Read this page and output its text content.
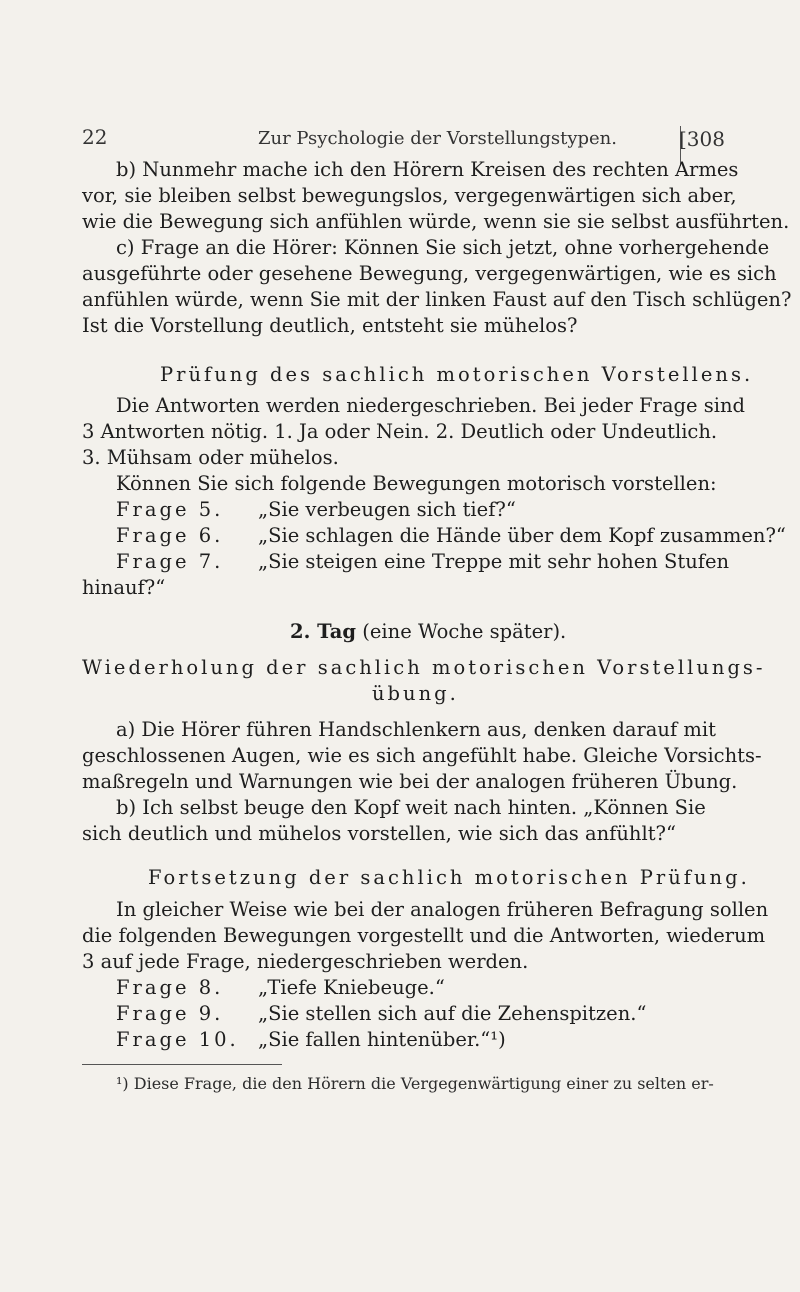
22	Zur Psychologie der Vorstellungstypen.	[308
b) Nunmehr mache ich den Hörern Kreisen des rechten Armes
vor, sie bleiben selbst bewegungslos, vergegenwärtigen sich aber,
wie die Bewegung sich anfühlen würde, wenn sie sie selbst ausführten.
c) Frage an die Hörer: Können Sie sich jetzt, ohne vorhergehende
ausgeführte oder gesehene Bewegung, vergegenwärtigen, wie es sich
anfühlen würde, wenn Sie mit der linken Faust auf den Tisch schlügen?
Ist die Vorstellung deutlich, entsteht sie mühelos?
Prüfung des sachlich motorischen Vorstellens.
Die Antworten werden niedergeschrieben. Bei jeder Frage sind
3 Antworten nötig. 1. Ja oder Nein. 2. Deutlich oder Undeutlich.
3. Mühsam oder mühelos.
Können Sie sich folgende Bewegungen motorisch vorstellen:
Frage 5. „Sie verbeugen sich tief?“
Frage 6. „Sie schlagen die Hände über dem Kopf zusammen?“
Frage 7. „Sie steigen eine Treppe mit sehr hohen Stufen
hinauf?“
2. Tag (eine Woche später).
Wiederholung der sachlich motorischen Vorstellungs-
übung.
a) Die Hörer führen Handschlenkern aus, denken darauf mit
geschlossenen Augen, wie es sich angefühlt habe. Gleiche Vorsichts-
maßregeln und Warnungen wie bei der analogen früheren Übung.
b) Ich selbst beuge den Kopf weit nach hinten. „Können Sie
sich deutlich und mühelos vorstellen, wie sich das anfühlt?“
Fortsetzung der sachlich motorischen Prüfung.
In gleicher Weise wie bei der analogen früheren Befragung sollen
die folgenden Bewegungen vorgestellt und die Antworten, wiederum
3 auf jede Frage, niedergeschrieben werden.
Frage 8. „Tiefe Kniebeuge.“
Frage 9. „Sie stellen sich auf die Zehenspitzen.“
Frage 10. „Sie fallen hintenüber.“¹)
¹) Diese Frage, die den Hörern die Vergegenwärtigung einer zu selten er-
